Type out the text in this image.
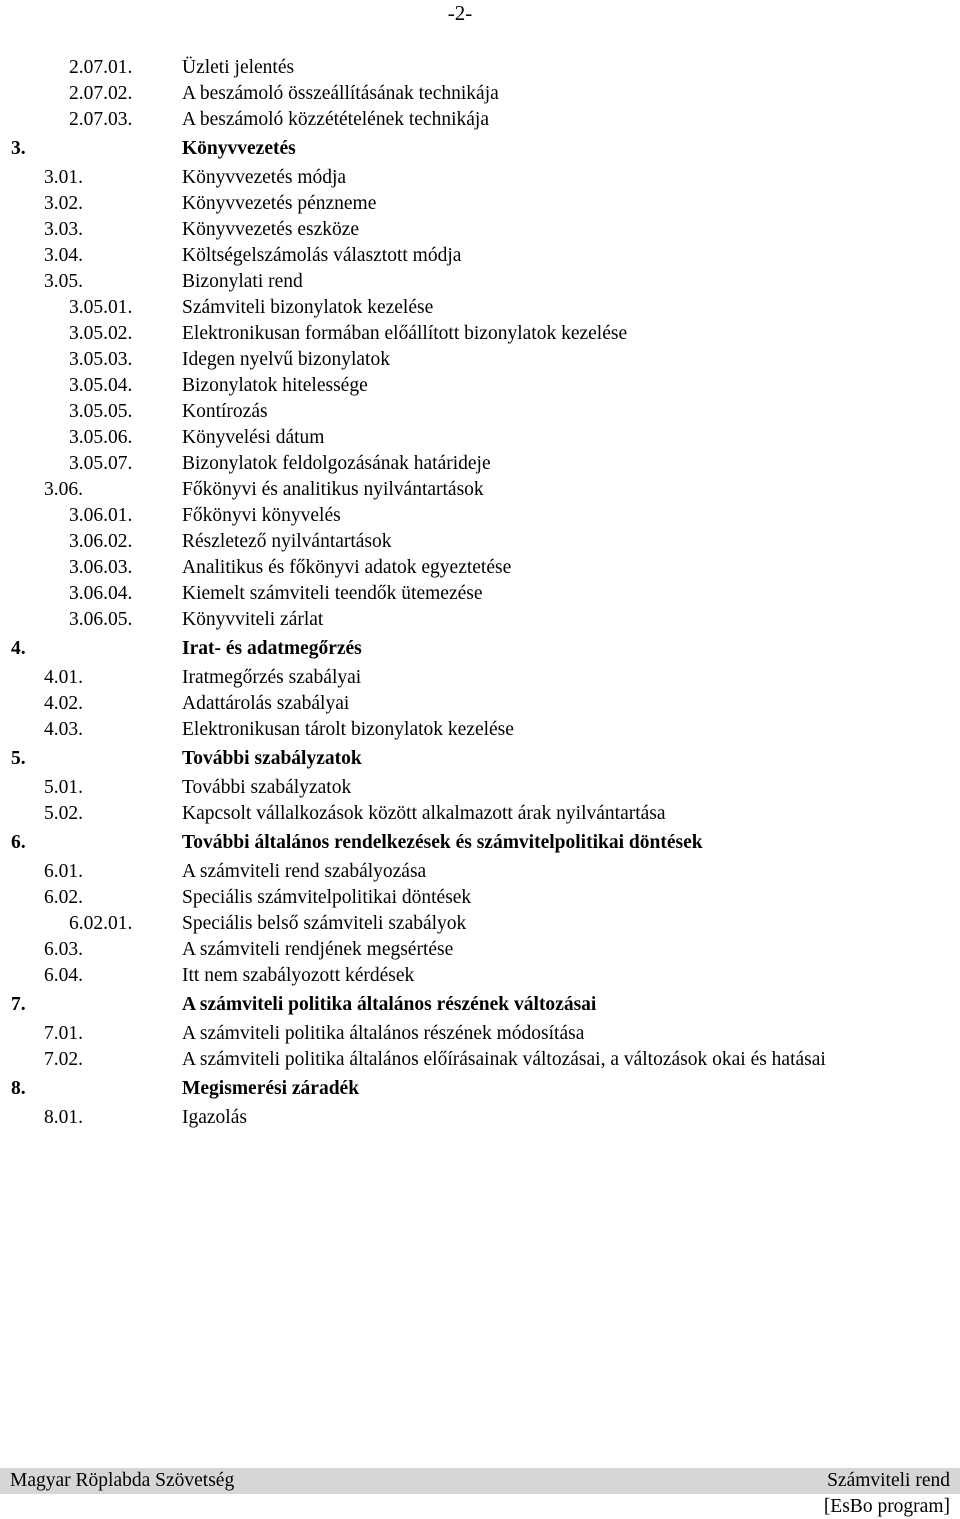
-2-
2.07.01.	Üzleti jelentés
2.07.02.	A beszámoló összeállításának technikája
2.07.03.	A beszámoló közzétételének technikája
3.	Könyvvezetés
3.01.	Könyvvezetés módja
3.02.	Könyvvezetés pénzneme
3.03.	Könyvvezetés eszköze
3.04.	Költségelszámolás választott módja
3.05.	Bizonylati rend
3.05.01.	Számviteli bizonylatok kezelése
3.05.02.	Elektronikusan formában előállított bizonylatok kezelése
3.05.03.	Idegen nyelvű bizonylatok
3.05.04.	Bizonylatok hitelessége
3.05.05.	Kontírozás
3.05.06.	Könyvelési dátum
3.05.07.	Bizonylatok feldolgozásának határideje
3.06.	Főkönyvi és analitikus nyilvántartások
3.06.01.	Főkönyvi könyvelés
3.06.02.	Részletező nyilvántartások
3.06.03.	Analitikus és főkönyvi adatok egyeztetése
3.06.04.	Kiemelt számviteli teendők ütemezése
3.06.05.	Könyvviteli zárlat
4.	Irat- és adatmegőrzés
4.01.	Iratmegőrzés szabályai
4.02.	Adattárolás szabályai
4.03.	Elektronikusan tárolt bizonylatok kezelése
5.	További szabályzatok
5.01.	További szabályzatok
5.02.	Kapcsolt vállalkozások között alkalmazott árak nyilvántartása
6.	További általános rendelkezések és számvitelpolitikai döntések
6.01.	A számviteli rend szabályozása
6.02.	Speciális számvitelpolitikai döntések
6.02.01.	Speciális belső számviteli szabályok
6.03.	A számviteli rendjének megsértése
6.04.	Itt nem szabályozott kérdések
7.	A számviteli politika általános részének változásai
7.01.	A számviteli politika általános részének módosítása
7.02.	A számviteli politika általános előírásainak változásai, a változások okai és hatásai
8.	Megismerési záradék
8.01.	Igazolás
Magyar Röplabda Szövetség	Számviteli rend
[EsBo program]
